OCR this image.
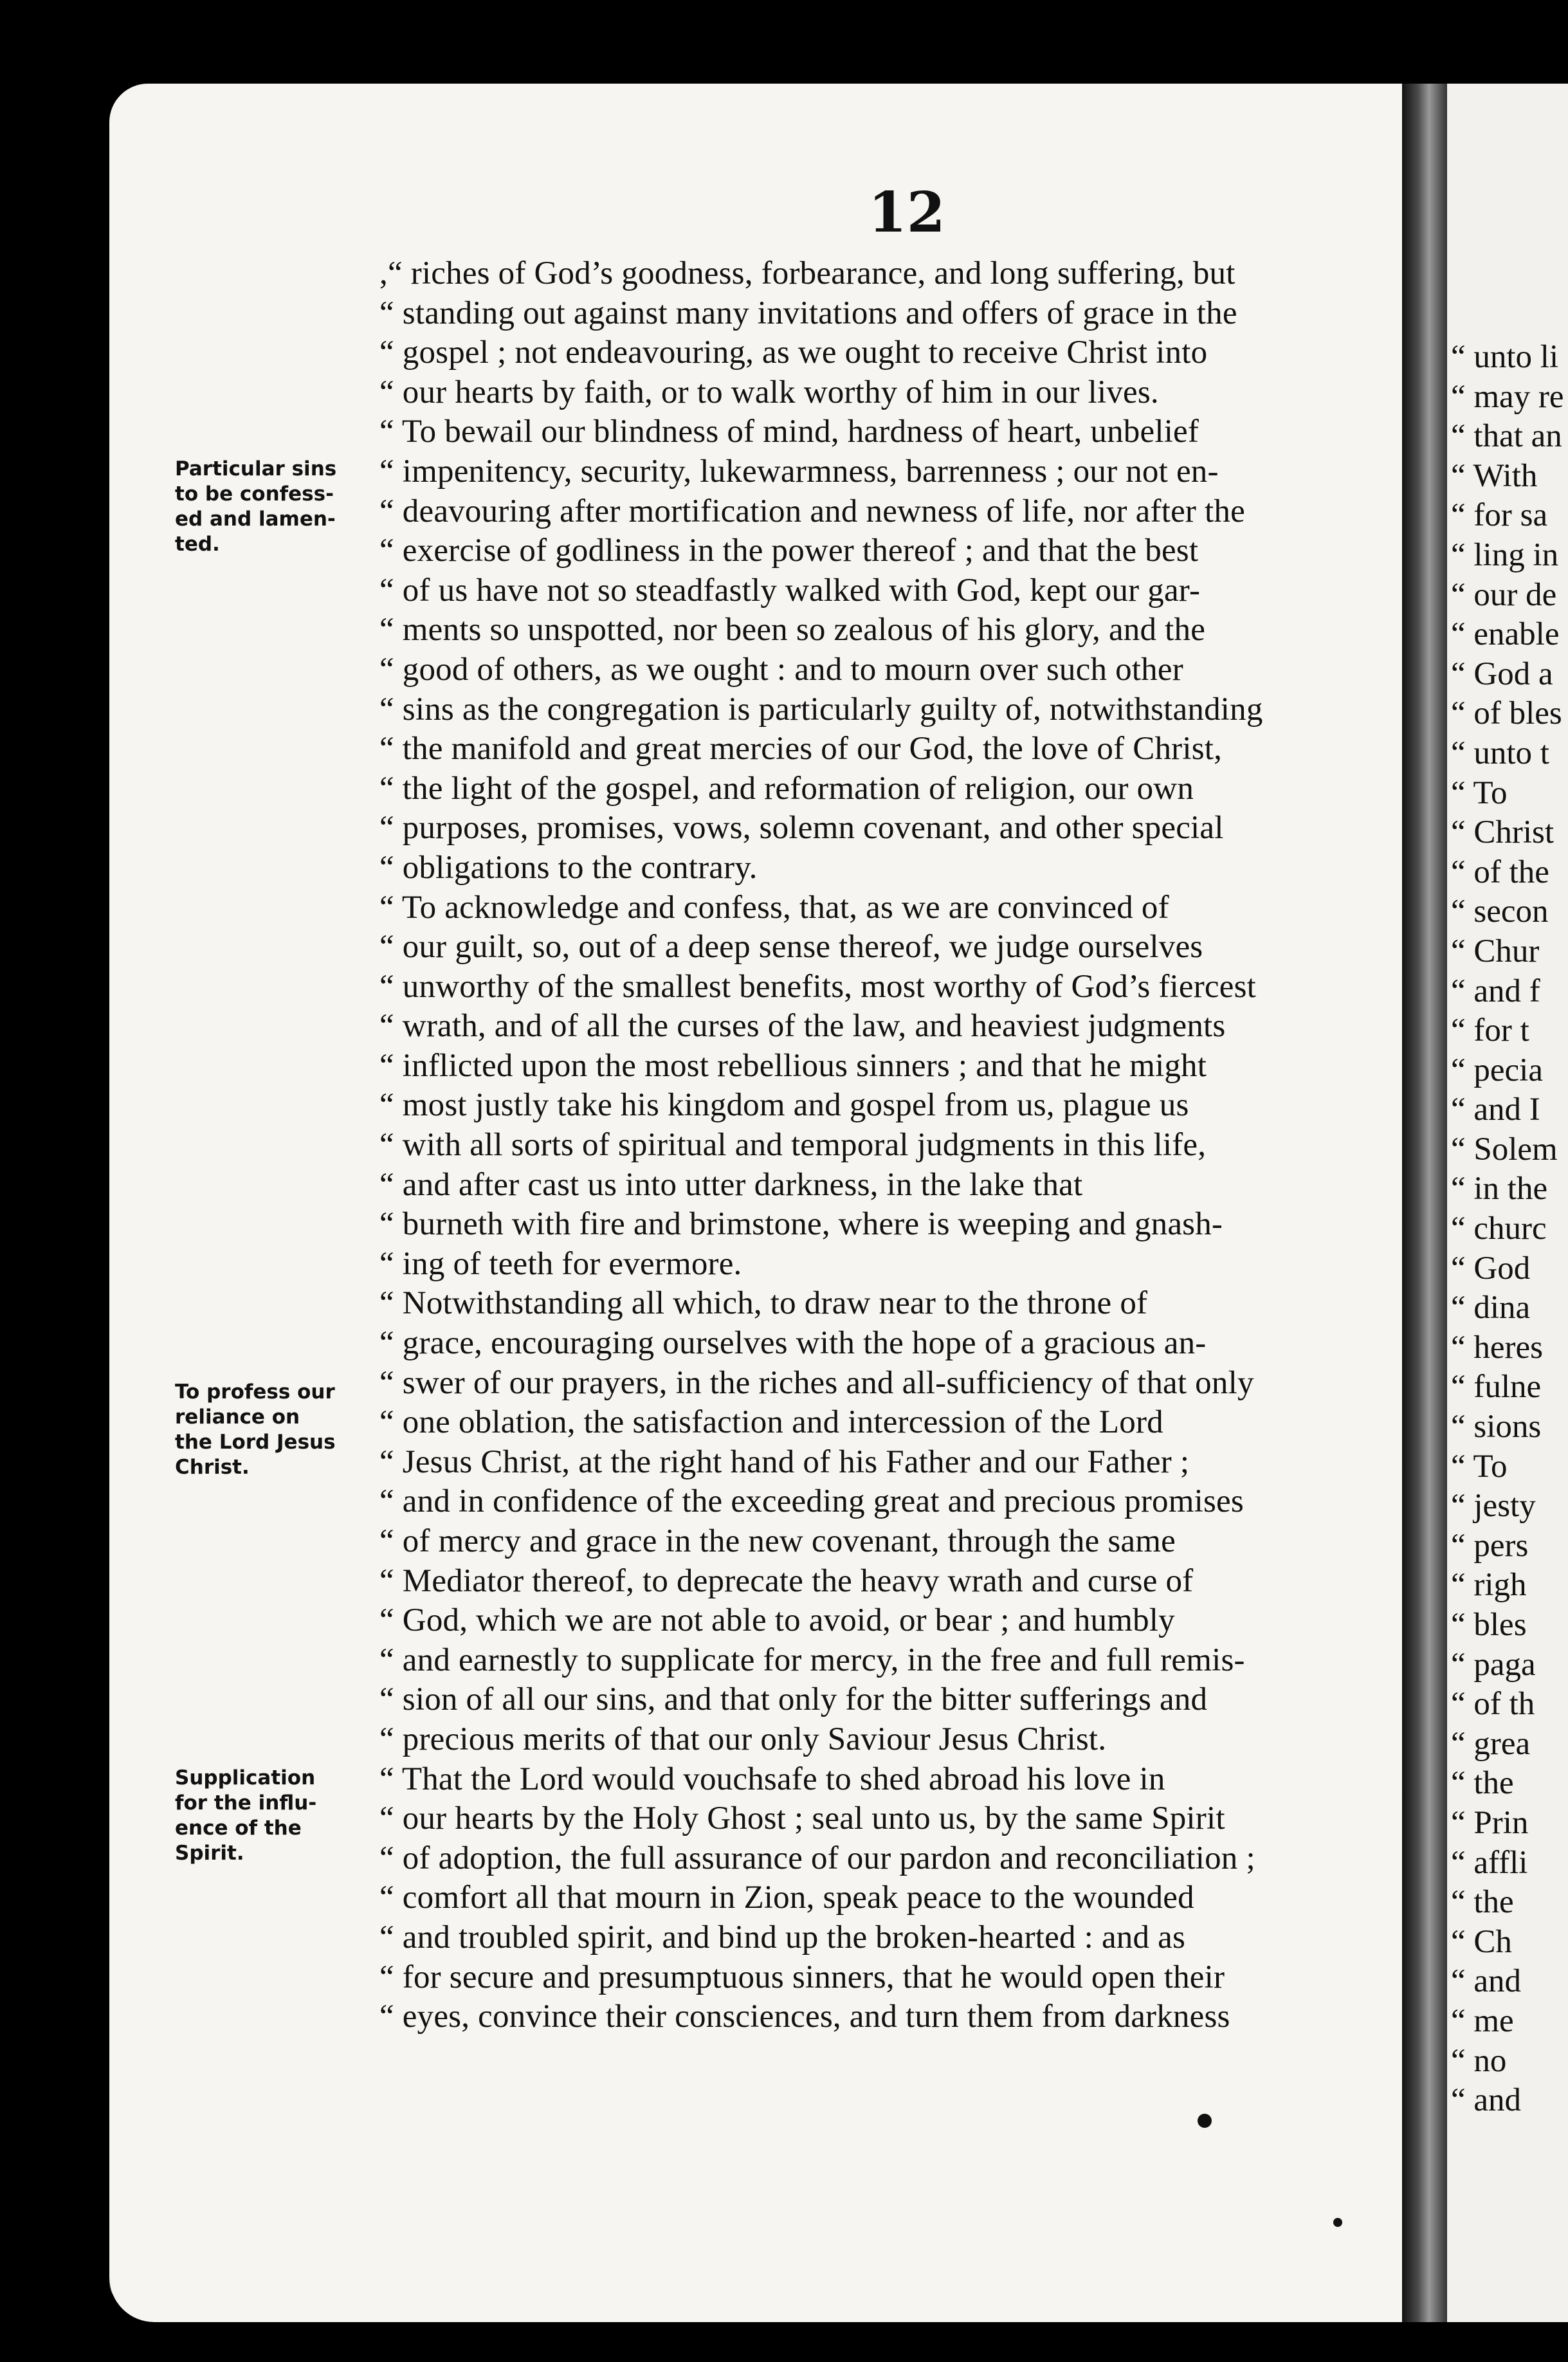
“ unto li
“ may re
“ that an
“ With
“ for sa
“ ling in
“ our de
“ enable
“ God a
“ of bles
“ unto t
“ To
“ Christ
“ of the
“ secon
“ Chur
“ and f
“ for t
“ pecia
“ and I
“ Solem
“ in the
“ churc
“ God
“ dina
“ heres
“ fulne
“ sions
“ To
“ jesty
“ pers
“ righ
“ bles
“ paga
“ of th
“ grea
“ the
“ Prin
“ affli
“ the
“ Ch
“ and
“ me
“ no
“ and
12
Particular sins
to be confess-
ed and lamen-
ted.
To profess our
reliance on
the Lord Jesus
Christ.
Supplication
for the influ-
ence of the
Spirit.
,“ riches of God’s goodness, forbearance, and long suffering, but
“ standing out against many invitations and offers of grace in the
“ gospel ; not endeavouring, as we ought to receive Christ into
“ our hearts by faith, or to walk worthy of him in our lives.
“ To bewail our blindness of mind, hardness of heart, unbelief
“ impenitency, security, lukewarmness, barrenness ; our not en-
“ deavouring after mortification and newness of life, nor after the
“ exercise of godliness in the power thereof ; and that the best
“ of us have not so steadfastly walked with God, kept our gar-
“ ments so unspotted, nor been so zealous of his glory, and the
“ good of others, as we ought : and to mourn over such other
“ sins as the congregation is particularly guilty of, notwithstanding
“ the manifold and great mercies of our God, the love of Christ,
“ the light of the gospel, and reformation of religion, our own
“ purposes, promises, vows, solemn covenant, and other special
“ obligations to the contrary.
“ To acknowledge and confess, that, as we are convinced of
“ our guilt, so, out of a deep sense thereof, we judge ourselves
“ unworthy of the smallest benefits, most worthy of God’s fiercest
“ wrath, and of all the curses of the law, and heaviest judgments
“ inflicted upon the most rebellious sinners ; and that he might
“ most justly take his kingdom and gospel from us, plague us
“ with all sorts of spiritual and temporal judgments in this life,
“ and after cast us into utter darkness, in the lake that
“ burneth with fire and brimstone, where is weeping and gnash-
“ ing of teeth for evermore.
“ Notwithstanding all which, to draw near to the throne of
“ grace, encouraging ourselves with the hope of a gracious an-
“ swer of our prayers, in the riches and all-sufficiency of that only
“ one oblation, the satisfaction and intercession of the Lord
“ Jesus Christ, at the right hand of his Father and our Father ;
“ and in confidence of the exceeding great and precious promises
“ of mercy and grace in the new covenant, through the same
“ Mediator thereof, to deprecate the heavy wrath and curse of
“ God, which we are not able to avoid, or bear ; and humbly
“ and earnestly to supplicate for mercy, in the free and full remis-
“ sion of all our sins, and that only for the bitter sufferings and
“ precious merits of that our only Saviour Jesus Christ.
“ That the Lord would vouchsafe to shed abroad his love in
“ our hearts by the Holy Ghost ; seal unto us, by the same Spirit
“ of adoption, the full assurance of our pardon and reconciliation ;
“ comfort all that mourn in Zion, speak peace to the wounded
“ and troubled spirit, and bind up the broken-hearted : and as
“ for secure and presumptuous sinners, that he would open their
“ eyes, convince their consciences, and turn them from darkness
